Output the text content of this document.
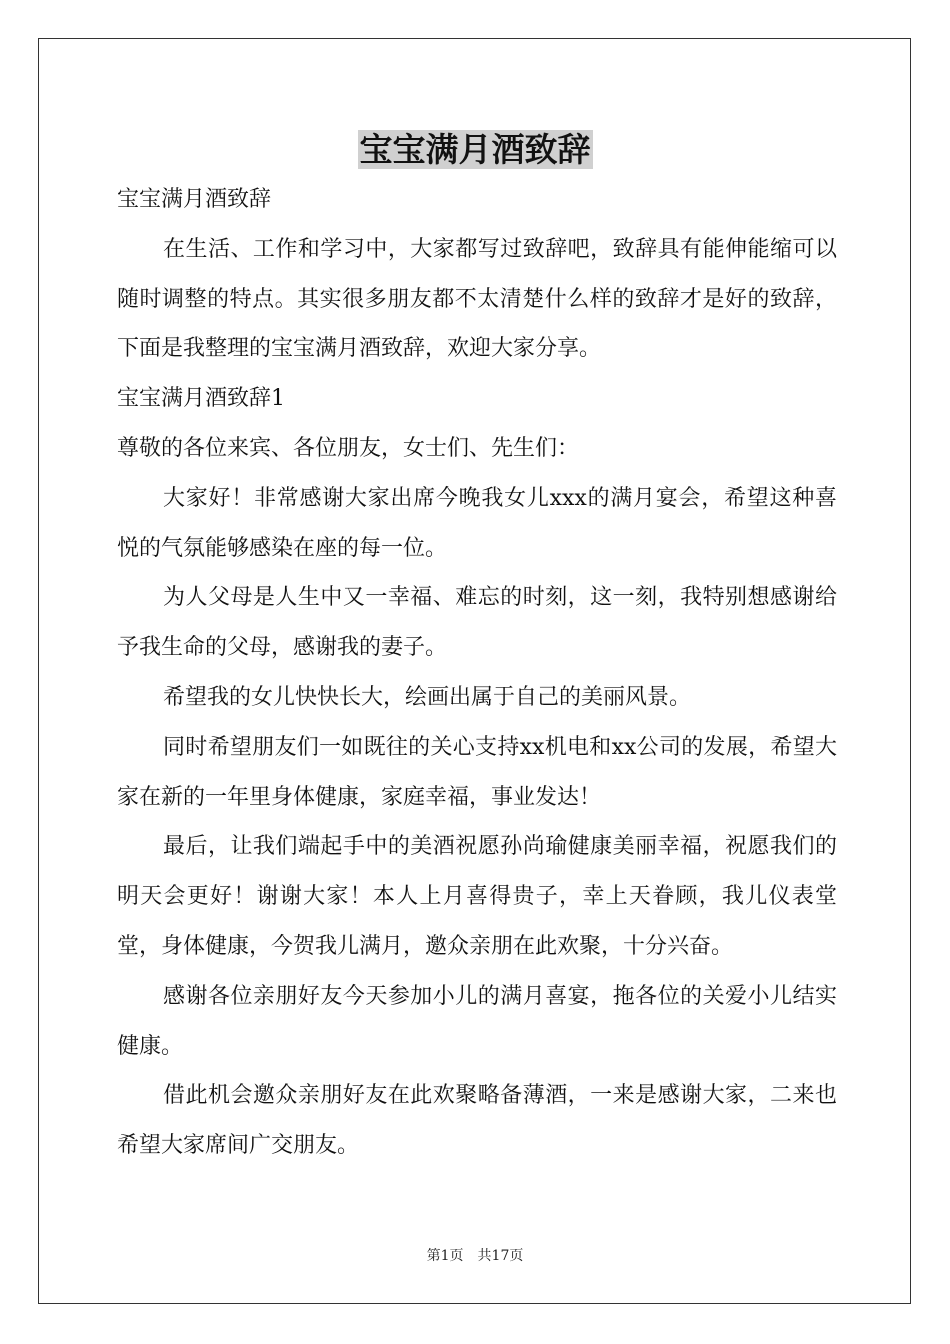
宝宝满月酒致辞

宝宝满月酒致辞

在生活、工作和学习中，大家都写过致辞吧，致辞具有能伸能缩可以随时调整的特点。其实很多朋友都不太清楚什么样的致辞才是好的致辞，下面是我整理的宝宝满月酒致辞，欢迎大家分享。

宝宝满月酒致辞1

尊敬的各位来宾、各位朋友，女士们、先生们：

大家好！非常感谢大家出席今晚我女儿xxx的满月宴会，希望这种喜悦的气氛能够感染在座的每一位。

为人父母是人生中又一幸福、难忘的时刻，这一刻，我特别想感谢给予我生命的父母，感谢我的妻子。

希望我的女儿快快长大，绘画出属于自己的美丽风景。

同时希望朋友们一如既往的关心支持xx机电和xx公司的发展，希望大家在新的一年里身体健康，家庭幸福，事业发达！

最后，让我们端起手中的美酒祝愿孙尚瑜健康美丽幸福，祝愿我们的明天会更好！谢谢大家！本人上月喜得贵子，幸上天眷顾，我儿仪表堂堂，身体健康，今贺我儿满月，邀众亲朋在此欢聚，十分兴奋。

感谢各位亲朋好友今天参加小儿的满月喜宴，拖各位的关爱小儿结实健康。

借此机会邀众亲朋好友在此欢聚略备薄酒，一来是感谢大家，二来也希望大家席间广交朋友。

第1页 共17页
